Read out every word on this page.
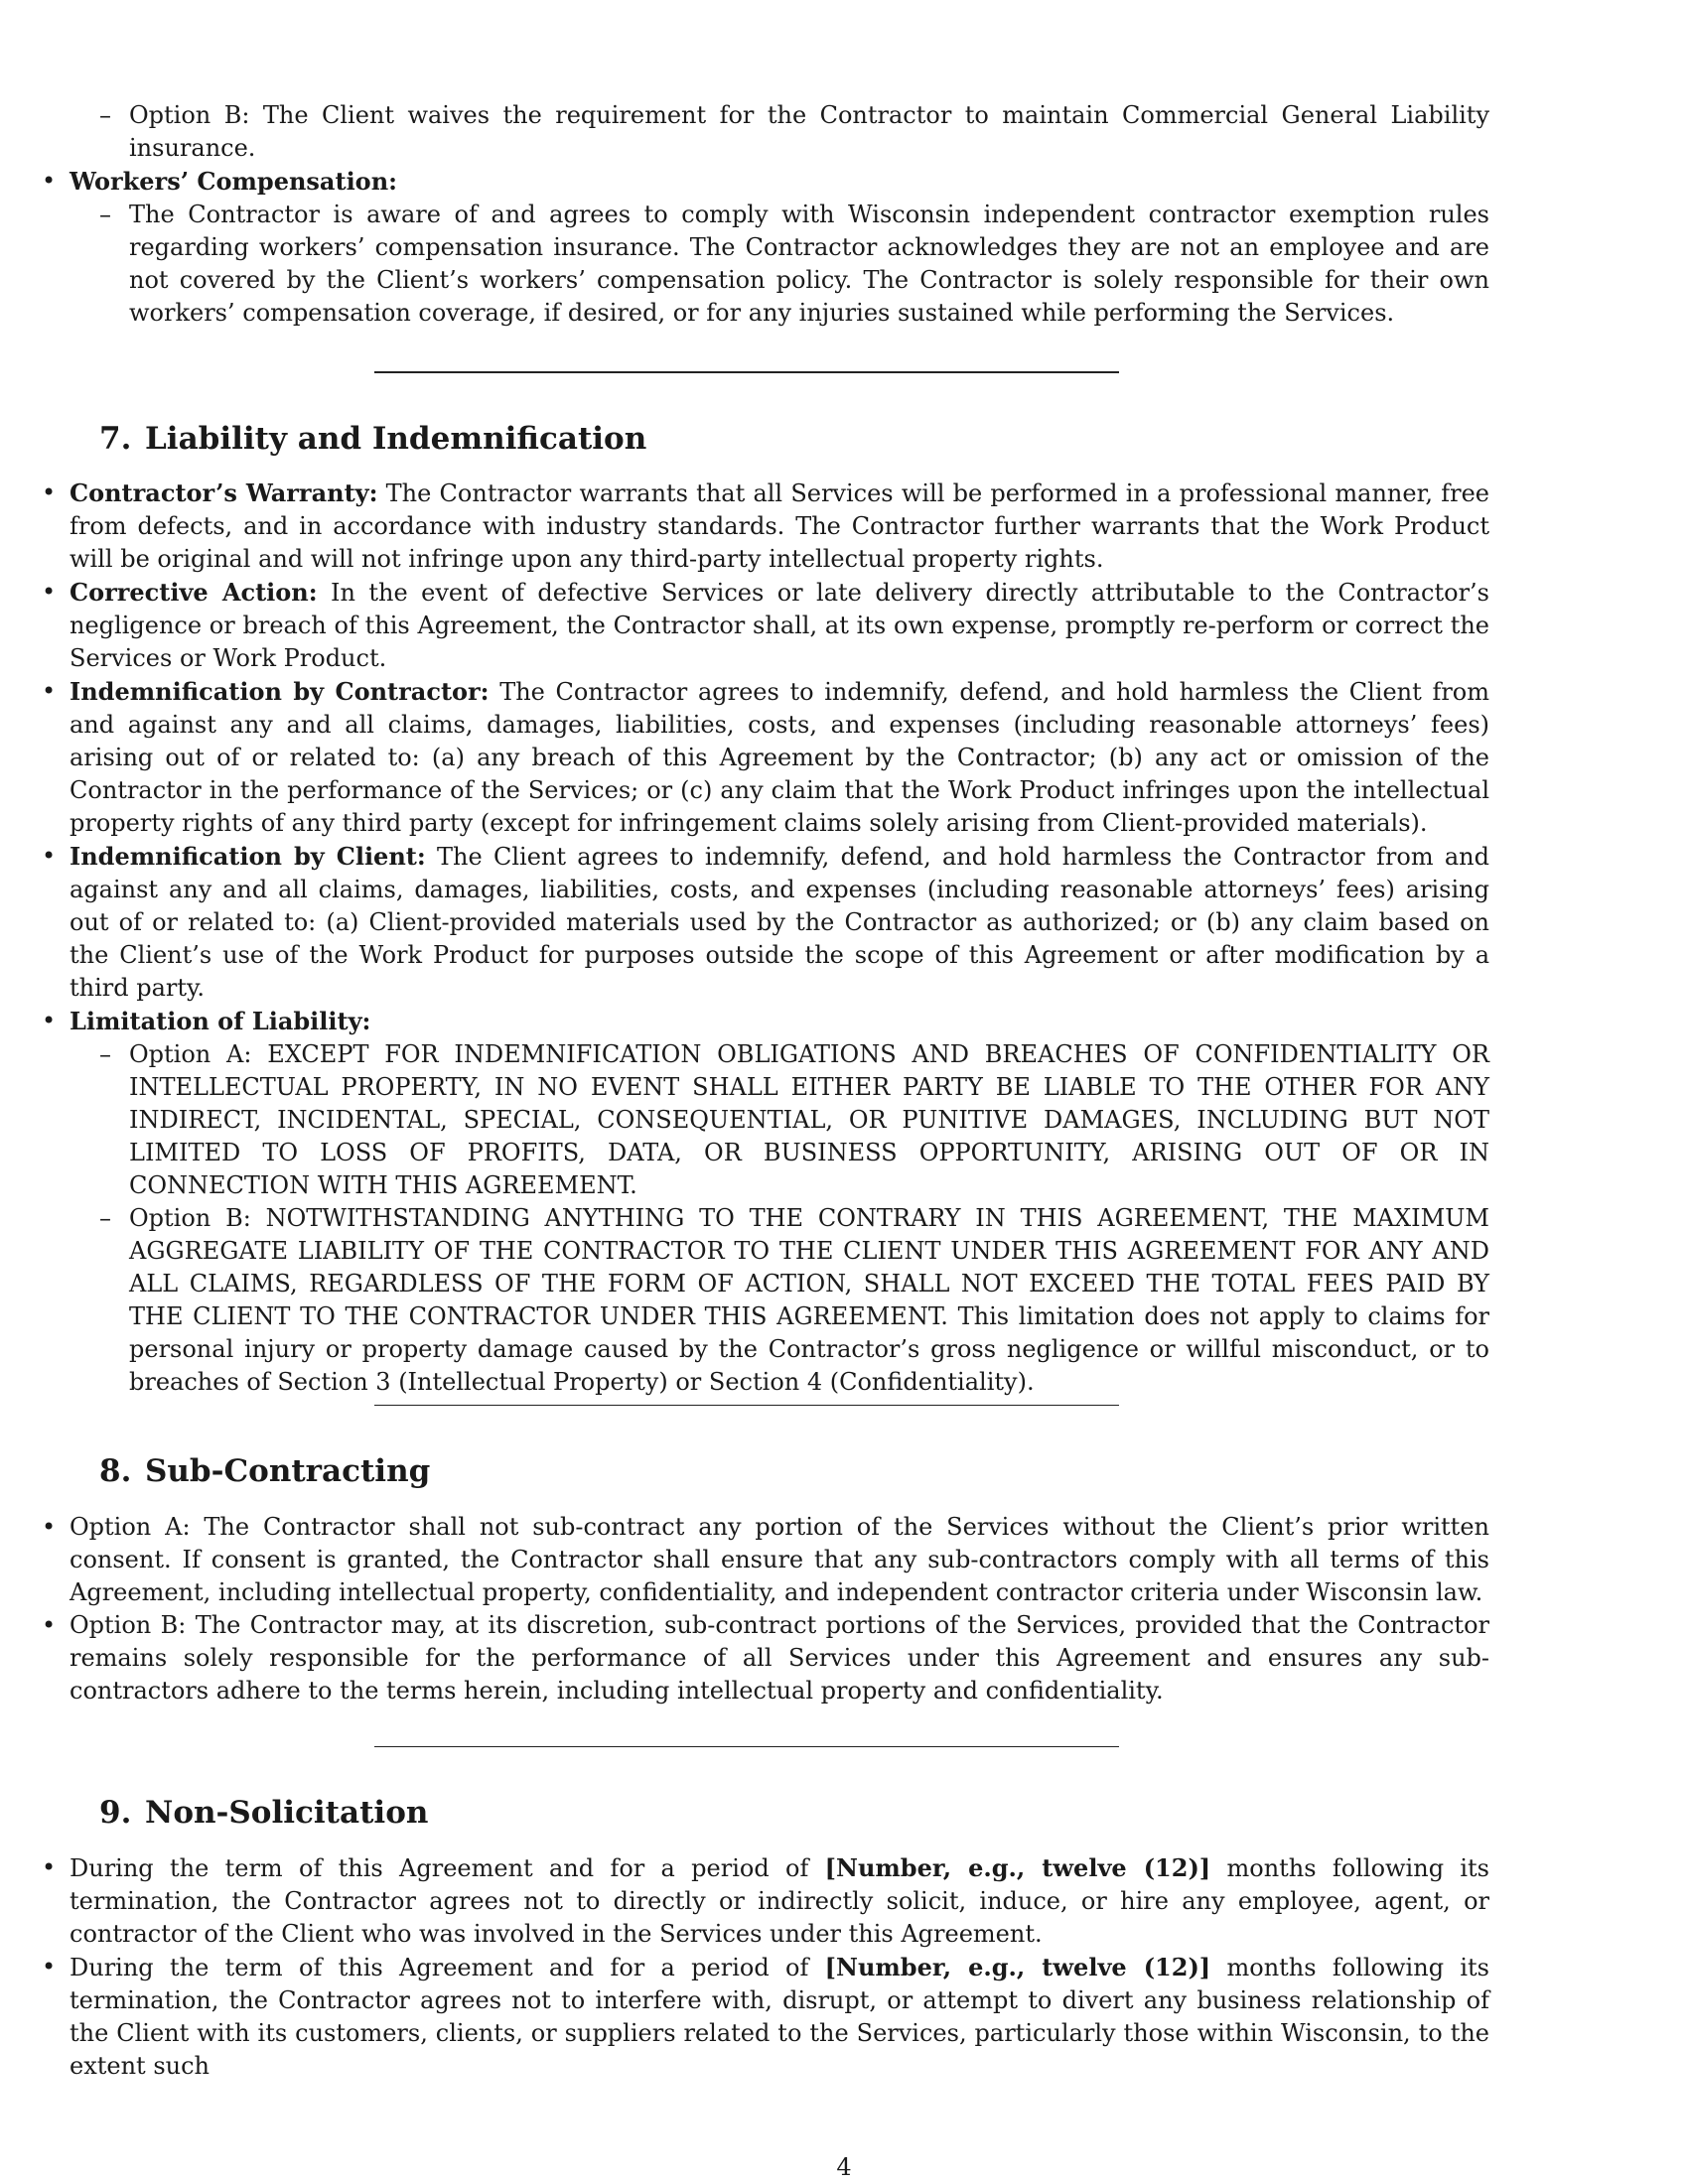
– Option B: The Client waives the requirement for the Contractor to maintain Commercial General Liability insurance.
• Workers’ Compensation:
– The Contractor is aware of and agrees to comply with Wisconsin independent contractor exemption rules regarding workers’ compensation insurance. The Contractor acknowledges they are not an employee and are not covered by the Client’s workers’ compensation policy. The Contractor is solely responsible for their own workers’ compensation coverage, if desired, or for any injuries sustained while performing the Services.
7. Liability and Indemnification
• Contractor’s Warranty: The Contractor warrants that all Services will be performed in a professional manner, free from defects, and in accordance with industry standards. The Contractor further warrants that the Work Product will be original and will not infringe upon any third-party intellectual property rights.
• Corrective Action: In the event of defective Services or late delivery directly attributable to the Contractor’s negligence or breach of this Agreement, the Contractor shall, at its own expense, promptly re-perform or correct the Services or Work Product.
• Indemnification by Contractor: The Contractor agrees to indemnify, defend, and hold harmless the Client from and against any and all claims, damages, liabilities, costs, and expenses (including reasonable attorneys’ fees) arising out of or related to: (a) any breach of this Agreement by the Contractor; (b) any act or omission of the Contractor in the performance of the Services; or (c) any claim that the Work Product infringes upon the intellectual property rights of any third party (except for infringement claims solely arising from Client-provided materials).
• Indemnification by Client: The Client agrees to indemnify, defend, and hold harmless the Contractor from and against any and all claims, damages, liabilities, costs, and expenses (including reasonable attorneys’ fees) arising out of or related to: (a) Client-provided materials used by the Contractor as authorized; or (b) any claim based on the Client’s use of the Work Product for purposes outside the scope of this Agreement or after modification by a third party.
• Limitation of Liability:
– Option A: EXCEPT FOR INDEMNIFICATION OBLIGATIONS AND BREACHES OF CONFIDENTIALITY OR INTELLECTUAL PROPERTY, IN NO EVENT SHALL EITHER PARTY BE LIABLE TO THE OTHER FOR ANY INDIRECT, INCIDENTAL, SPECIAL, CONSEQUENTIAL, OR PUNITIVE DAMAGES, INCLUDING BUT NOT LIMITED TO LOSS OF PROFITS, DATA, OR BUSINESS OPPORTUNITY, ARISING OUT OF OR IN CONNECTION WITH THIS AGREEMENT.
– Option B: NOTWITHSTANDING ANYTHING TO THE CONTRARY IN THIS AGREEMENT, THE MAXIMUM AGGREGATE LIABILITY OF THE CONTRACTOR TO THE CLIENT UNDER THIS AGREEMENT FOR ANY AND ALL CLAIMS, REGARDLESS OF THE FORM OF ACTION, SHALL NOT EXCEED THE TOTAL FEES PAID BY THE CLIENT TO THE CONTRACTOR UNDER THIS AGREEMENT. This limitation does not apply to claims for personal injury or property damage caused by the Contractor’s gross negligence or willful misconduct, or to breaches of Section 3 (Intellectual Property) or Section 4 (Confidentiality).
8. Sub-Contracting
• Option A: The Contractor shall not sub-contract any portion of the Services without the Client’s prior written consent. If consent is granted, the Contractor shall ensure that any sub-contractors comply with all terms of this Agreement, including intellectual property, confidentiality, and independent contractor criteria under Wisconsin law.
• Option B: The Contractor may, at its discretion, sub-contract portions of the Services, provided that the Contractor remains solely responsible for the performance of all Services under this Agreement and ensures any sub-contractors adhere to the terms herein, including intellectual property and confidentiality.
9. Non-Solicitation
• During the term of this Agreement and for a period of [Number, e.g., twelve (12)] months following its termination, the Contractor agrees not to directly or indirectly solicit, induce, or hire any employee, agent, or contractor of the Client who was involved in the Services under this Agreement.
• During the term of this Agreement and for a period of [Number, e.g., twelve (12)] months following its termination, the Contractor agrees not to interfere with, disrupt, or attempt to divert any business relationship of the Client with its customers, clients, or suppliers related to the Services, particularly those within Wisconsin, to the extent such
4
